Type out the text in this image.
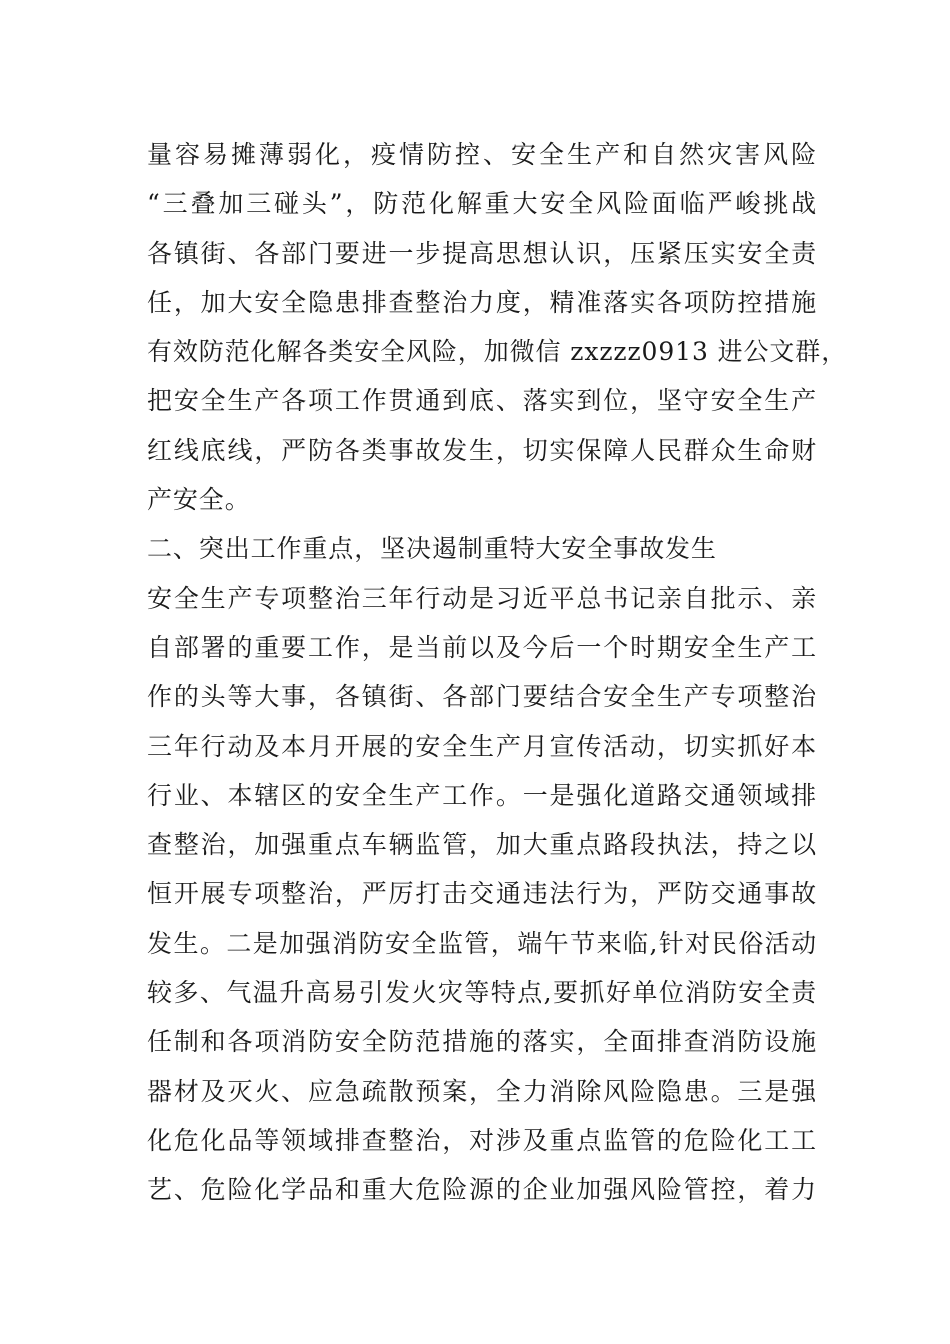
量容易摊薄弱化，疫情防控、安全生产和自然灾害风险
“三叠加三碰头”，防范化解重大安全风险面临严峻挑战
各镇街、各部门要进一步提高思想认识，压紧压实安全责
任，加大安全隐患排查整治力度，精准落实各项防控措施
有效防范化解各类安全风险，加微信 zxzzz0913 进公文群，
把安全生产各项工作贯通到底、落实到位，坚守安全生产
红线底线，严防各类事故发生，切实保障人民群众生命财
产安全。
二、突出工作重点，坚决遏制重特大安全事故发生
安全生产专项整治三年行动是习近平总书记亲自批示、亲
自部署的重要工作，是当前以及今后一个时期安全生产工
作的头等大事，各镇街、各部门要结合安全生产专项整治
三年行动及本月开展的安全生产月宣传活动，切实抓好本
行业、本辖区的安全生产工作。一是强化道路交通领域排
查整治，加强重点车辆监管，加大重点路段执法，持之以
恒开展专项整治，严厉打击交通违法行为，严防交通事故
发生。二是加强消防安全监管，端午节来临,针对民俗活动
较多、气温升高易引发火灾等特点,要抓好单位消防安全责
任制和各项消防安全防范措施的落实，全面排查消防设施
器材及灭火、应急疏散预案，全力消除风险隐患。三是强
化危化品等领域排查整治，对涉及重点监管的危险化工工
艺、危险化学品和重大危险源的企业加强风险管控，着力
